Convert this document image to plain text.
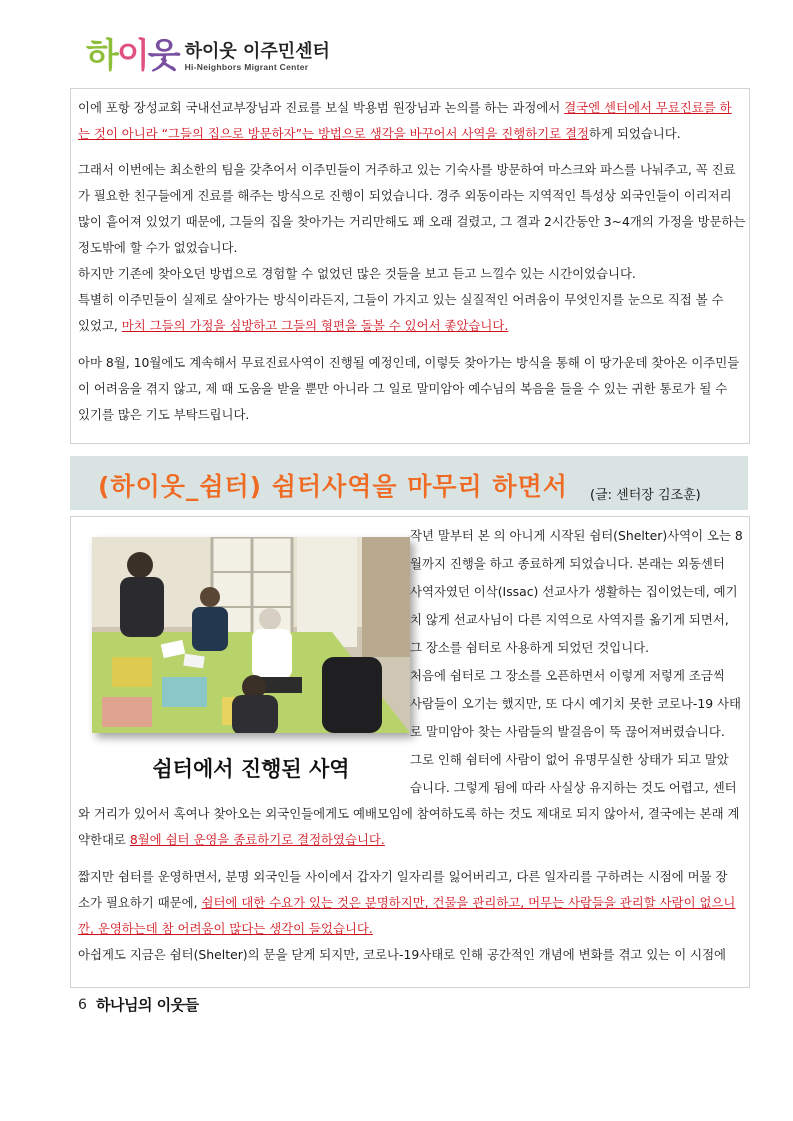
하이웃 하이웃 이주민센터
Hi-Neighbors Migrant Center
이에 포항 장성교회 국내선교부장님과 진료를 보실 박용범 원장님과 논의를 하는 과정에서 결국엔 센터에서 무료진료를 하
는 것이 아니라 “그들의 집으로 방문하자”는 방법으로 생각을 바꾸어서 사역을 진행하기로 결정하게 되었습니다.
그래서 이번에는 최소한의 팀을 갖추어서 이주민들이 거주하고 있는 기숙사를 방문하여 마스크와 파스를 나눠주고, 꼭 진료
가 필요한 친구들에게 진료를 해주는 방식으로 진행이 되었습니다. 경주 외동이라는 지역적인 특성상 외국인들이 이리저리
많이 흩어져 있었기 때문에, 그들의 집을 찾아가는 거리만해도 꽤 오래 걸렸고, 그 결과 2시간동안 3~4개의 가정을 방문하는
정도밖에 할 수가 없었습니다.
하지만 기존에 찾아오던 방법으로 경험할 수 없었던 많은 것들을 보고 듣고 느낄수 있는 시간이었습니다.
특별히 이주민들이 실제로 살아가는 방식이라든지, 그들이 가지고 있는 실질적인 어려움이 무엇인지를 눈으로 직접 볼 수
있었고, 마치 그들의 가정을 심방하고 그들의 형편을 돌볼 수 있어서 좋았습니다.
아마 8월, 10월에도 계속해서 무료진료사역이 진행될 예정인데, 이렇듯 찾아가는 방식을 통해 이 땅가운데 찾아온 이주민들
이 어려움을 겪지 않고, 제 때 도움을 받을 뿐만 아니라 그 일로 말미암아 예수님의 복음을 들을 수 있는 귀한 통로가 될 수
있기를 많은 기도 부탁드립니다.
(하이웃_쉼터) 쉼터사역을 마무리 하면서 (글: 센터장 김조훈)
쉼터에서 진행된 사역
작년 말부터 본 의 아니게 시작된 쉼터(Shelter)사역이 오는 8
월까지 진행을 하고 종료하게 되었습니다. 본래는 외동센터
사역자였던 이삭(Issac) 선교사가 생활하는 집이었는데, 예기
치 않게 선교사님이 다른 지역으로 사역지를 옮기게 되면서,
그 장소를 쉼터로 사용하게 되었던 것입니다.
처음에 쉼터로 그 장소를 오픈하면서 이렇게 저렇게 조금씩
사람들이 오기는 했지만, 또 다시 예기치 못한 코로나-19 사태
로 말미암아 찾는 사람들의 발걸음이 뚝 끊어져버렸습니다.
그로 인해 쉼터에 사람이 없어 유명무실한 상태가 되고 말았
습니다. 그렇게 됨에 따라 사실상 유지하는 것도 어렵고, 센터
와 거리가 있어서 혹여나 찾아오는 외국인들에게도 예배모임에 참여하도록 하는 것도 제대로 되지 않아서, 결국에는 본래 계
약한대로 8월에 쉼터 운영을 종료하기로 결정하였습니다.
짧지만 쉼터를 운영하면서, 분명 외국인들 사이에서 갑자기 일자리를 잃어버리고, 다른 일자리를 구하려는 시점에 머물 장
소가 필요하기 때문에, 쉼터에 대한 수요가 있는 것은 분명하지만, 건물을 관리하고, 머무는 사람들을 관리할 사람이 없으니
깐, 운영하는데 참 어려움이 많다는 생각이 들었습니다.
아쉽게도 지금은 쉼터(Shelter)의 문을 닫게 되지만, 코로나-19사태로 인해 공간적인 개념에 변화를 겪고 있는 이 시점에
6 하나님의 이웃들
